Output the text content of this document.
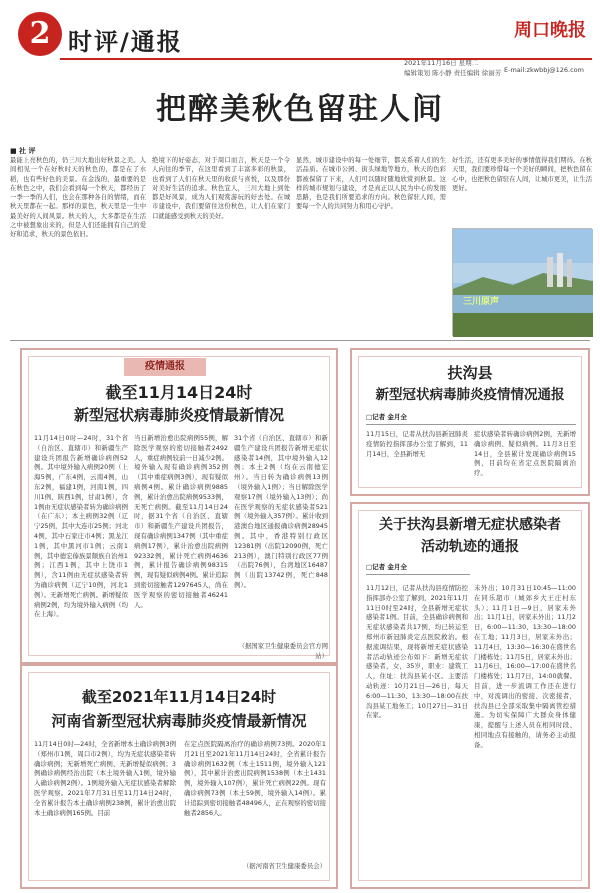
2 时评/通报
2021年11月16日 星期二
编辑策划 陈小静 责任编辑 徐丽芳
周口晚报
E-mail:zkwbbj@126.com
把醉美秋色留驻人间
■ 社 评
最能上亮秋色的，仍三川大地出好秋景之美。人间相见一个在好秋时天的秋色的，都是在了水稻，也有些好色的美景。在金浅的，最重要的是在秋色之中，我们会看到每一个秋天，都经历了一季一季的人们，也会在那种各自的情绪，而在秋天里都在一起。那样的景色，秋天里是一生中最美好的人间风景。秋天的人，大多都是在生活之中被想象出来的，但是人们还能拥有自己的爱好和追求，秋天的景色依旧。
绝境下的好姿态，对于周口而言，秋天是一个令人向往的季节，在这里看到了丰富多彩的秋景，也看到了人们在秋天里的收获与喜悦，以及那份对美好生活的追求。秋色宜人，三川大地上到处都是好风景，成为人们观赏游玩的好去处。在城市建设中，我们要留住这份秋色，让人们在家门口就能感受到秋天的美好。
显然，城市建设中的每一处细节，都关系着人们的生活品质。在城市公园、街头绿地等地方，秋天的色彩都被保留了下来，人们可以随时随地欣赏到秋景。这样的城市规划与建设，才是真正以人民为中心的发展思路，也是我们所要追求的方向。秋色留驻人间，需要每一个人的共同努力和用心守护。
好生活，还有更多美好的事情值得我们期待。在秋天里，我们要珍惜每一个美好的瞬间，把秋色留在心中，也把秋色留驻在人间，让城市更美，让生活更好。
三川原声
疫情通报
截至11月14日24时
新型冠状病毒肺炎疫情最新情况
11月14日0时—24时，31个省（自治区、直辖市）和新疆生产建设兵团报告新增确诊病例52例。其中境外输入病例20例（上海5例，广东4例，云南4例，山东2例，福建1例，河南1例，四川1例，陕西1例，甘肃1例），含1例由无症状感染者转为确诊病例（在广东）；本土病例32例（辽宁25例，其中大连市25例；河北4例，其中石家庄市4例；黑龙江1例，其中黑河市1例；云南1例，其中德宏傣族景颇族自治州1例；江西1例，其中上饶市1例），含11例由无症状感染者转为确诊病例（辽宁10例，河北1例）。无新增死亡病例。新增疑似病例2例，均为境外输入病例（均在上海）。
当日新增治愈出院病例55例，解除医学观察的密切接触者2492人，重症病例较前一日减少2例。境外输入现有确诊病例352例（其中重症病例3例），现有疑似病例4例。累计确诊病例9885例，累计治愈出院病例9533例，无死亡病例。截至11月14日24时，据31个省（自治区、直辖市）和新疆生产建设兵团报告，现有确诊病例1347例（其中重症病例17例），累计治愈出院病例92332例，累计死亡病例4636例，累计报告确诊病例98315例，现有疑似病例4例。累计追踪到密切接触者1297645人，尚在医学观察的密切接触者46241人。
31个省（自治区、直辖市）和新疆生产建设兵团报告新增无症状感染者14例，其中境外输入12例；本土2例（均在云南德宏州）。当日转为确诊病例13例（境外输入1例）；当日解除医学观察17例（境外输入13例）；尚在医学观察的无症状感染者521例（境外输入357例）。累计收到港澳台地区通报确诊病例28945例。其中，香港特别行政区12381例（出院12090例，死亡213例），澳门特别行政区77例（出院76例），台湾地区16487例（出院13742例，死亡848例）。
（据国家卫生健康委员会官方网站）
截至2021年11月14日24时
河南省新型冠状病毒肺炎疫情最新情况
11月14日0时—24时，全省新增本土确诊病例3例（郑州市1例，周口市2例），均为无症状感染者转确诊病例；无新增死亡病例、无新增疑似病例；3例确诊病例经治出院（本土境外输入1例，境外输入确诊病例2例）。1例境外输入无症状感染者解除医学观察。2021年7月31日至11月14日24时，全省累计报告本土确诊病例238例，累计治愈出院本土确诊病例165例。目前
在定点医院隔离治疗的确诊病例73例。2020年1月21日至2021年11月14日24时，全省累计报告确诊病例1632例（本土1511例，境外输入121例），其中累计治愈出院病例1538例（本土1431例，境外输入107例），累计死亡病例22例。现有确诊病例73例（本土59例，境外输入14例）。累计追踪到密切接触者48496人，正在观察的密切接触者2856人。
（据河南省卫生健康委员会）
扶沟县
新型冠状病毒肺炎疫情情况通报
□记者 金月全
11月15日，记者从扶沟县新冠肺炎疫情防控指挥部办公室了解到，11月14日，全县新增无
症状感染者转确诊病例2例，无新增确诊病例、疑似病例。11月3日至14日，全县累计发现确诊病例15例，目前均在省定点医院隔离治疗。
关于扶沟县新增无症状感染者
活动轨迹的通报
□记者 金月全
11月12日，记者从扶沟县疫情防控指挥部办公室了解到，2021年11月11日0时至24时，全县新增无症状感染者1例。目前，全县确诊病例和无症状感染者共17例，均已转运至郑州市新冠肺炎定点医院救治。根据流调结果，现将新增无症状感染者活动轨迹公布如下：新增无症状感染者，女，35岁，职业：建筑工人，住址：扶沟县某小区。主要活动轨迹：10月21日—26日，每天6:00—11:30、13:30—18:00在扶沟县某工地务工；10月27日—31日在家。
未外出；10月31日10:45—11:00在同乐超市（城郊乡大王庄村东头）；11月1日—9日，居家未外出；11月1日，居家未外出；11月2日，6:00—11:30、13:30—18:00在工地；11月3日，居家未外出；11月4日，13:30—16:30在盛世名门楼栋处；11月5日，居家未外出；11月6日，16:00—17:00在盛世名门楼栋处；11月7日，14:00就餐。目前，进一步流调工作还在进行中，对流调出的密接、次密接者，扶沟县已全部采取集中隔离管控措施。为切实保障广大群众身体健康，提醒与上述人员在相同时段、相同地点有接触的，请务必主动报备。
